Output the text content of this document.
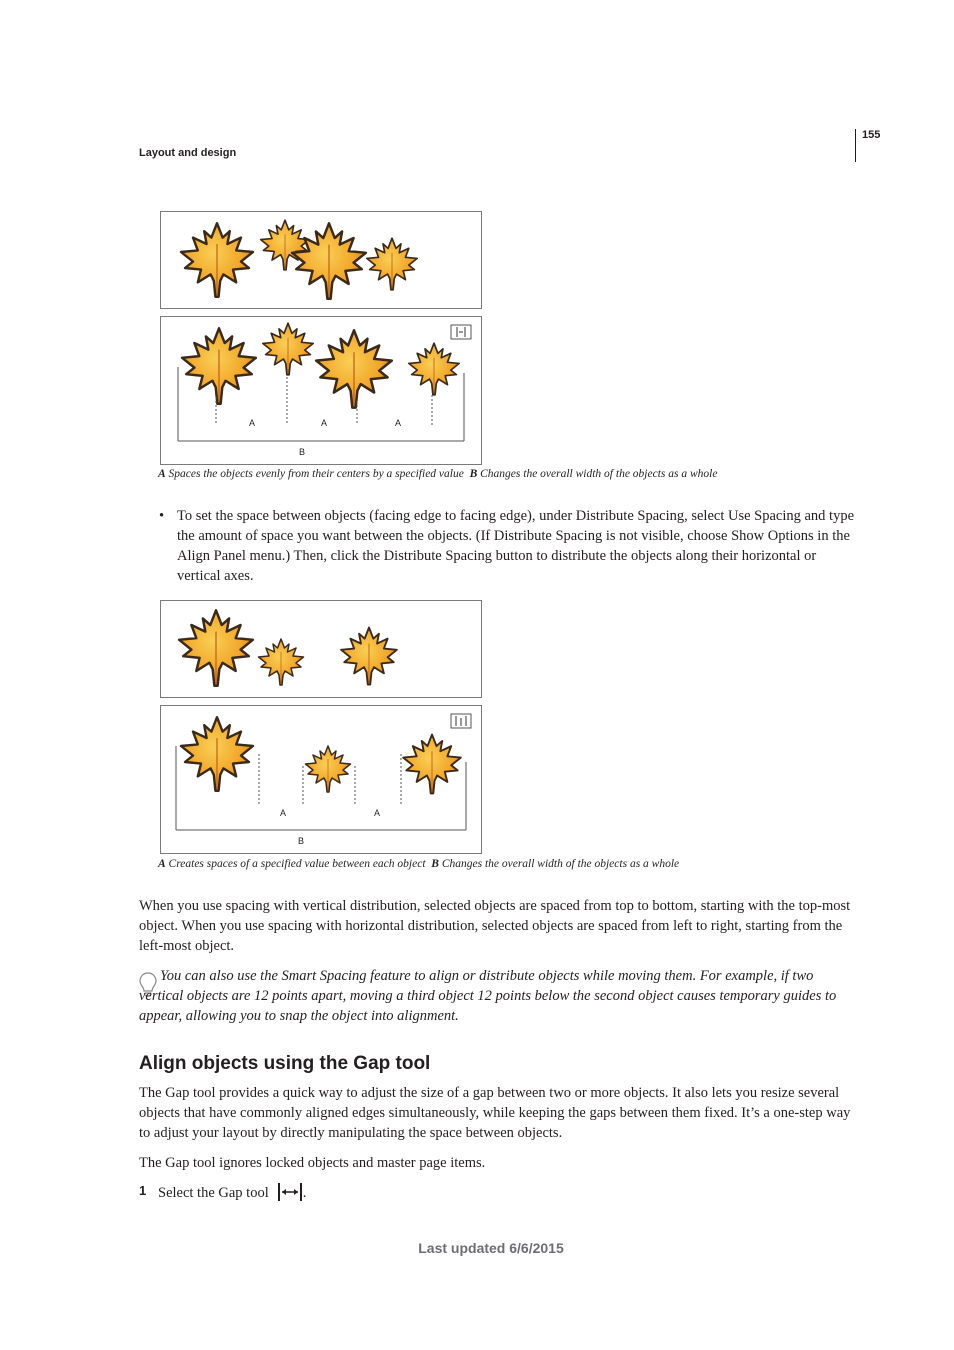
Layout and design
155
A	A	A
B
A Spaces the objects evenly from their centers by a specified value B Changes the overall width of the objects as a whole
• To set the space between objects (facing edge to facing edge), under Distribute Spacing, select Use Spacing and type the amount of space you want between the objects. (If Distribute Spacing is not visible, choose Show Options in the Align Panel menu.) Then, click the Distribute Spacing button to distribute the objects along their horizontal or vertical axes.
A	A
B
A Creates spaces of a specified value between each object B Changes the overall width of the objects as a whole
When you use spacing with vertical distribution, selected objects are spaced from top to bottom, starting with the top-most object. When you use spacing with horizontal distribution, selected objects are spaced from left to right, starting from the left-most object.
You can also use the Smart Spacing feature to align or distribute objects while moving them. For example, if two vertical objects are 12 points apart, moving a third object 12 points below the second object causes temporary guides to appear, allowing you to snap the object into alignment.
Align objects using the Gap tool
The Gap tool provides a quick way to adjust the size of a gap between two or more objects. It also lets you resize several objects that have commonly aligned edges simultaneously, while keeping the gaps between them fixed. It’s a one-step way to adjust your layout by directly manipulating the space between objects.
The Gap tool ignores locked objects and master page items.
1 Select the Gap tool .
Last updated 6/6/2015
